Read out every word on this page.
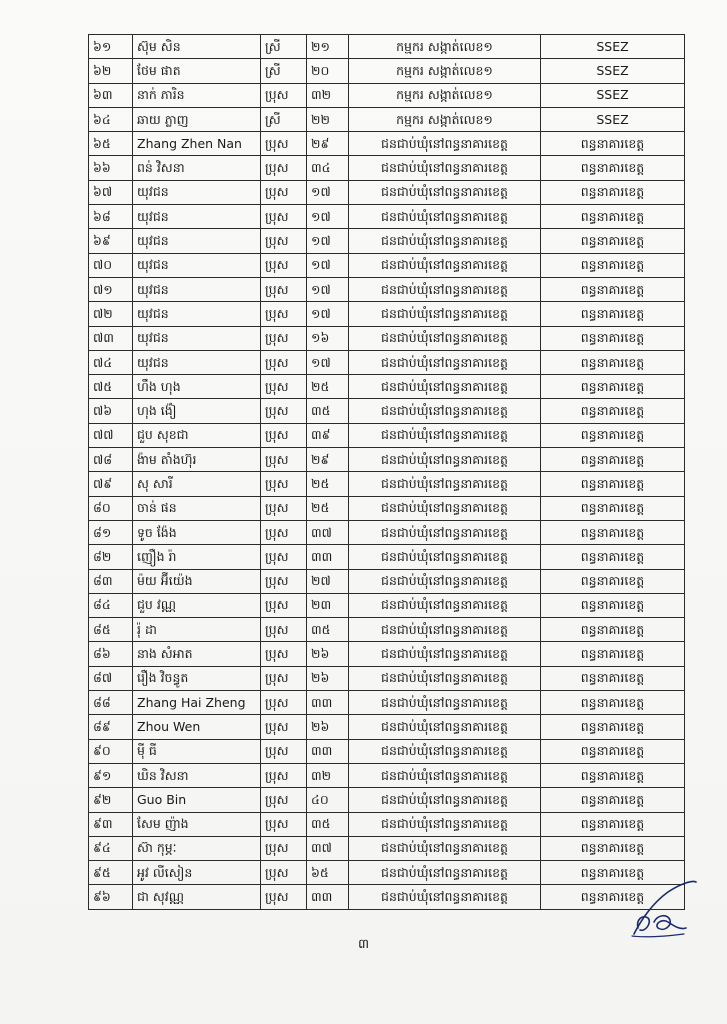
៦១	ស៊ុម សិន	ស្រី	២១	កម្មករ សង្កាត់លេខ១	SSEZ
៦២	ថែម ផាត	ស្រី	២០	កម្មករ សង្កាត់លេខ១	SSEZ
៦៣	នាក់ ភារិន	ប្រុស	៣២	កម្មករ សង្កាត់លេខ១	SSEZ
៦៤	ឆាយ ភ្លាញ	ស្រី	២២	កម្មករ សង្កាត់លេខ១	SSEZ
៦៥	Zhang Zhen Nan	ប្រុស	២៩	ជនជាប់ឃុំនៅពន្ធនាគារខេត្ត	ពន្ធនាគារខេត្ត
៦៦	ពន់ វិសនា	ប្រុស	៣៤	ជនជាប់ឃុំនៅពន្ធនាគារខេត្ត	ពន្ធនាគារខេត្ត
៦៧	យុវជន	ប្រុស	១៧	ជនជាប់ឃុំនៅពន្ធនាគារខេត្ត	ពន្ធនាគារខេត្ត
៦៨	យុវជន	ប្រុស	១៧	ជនជាប់ឃុំនៅពន្ធនាគារខេត្ត	ពន្ធនាគារខេត្ត
៦៩	យុវជន	ប្រុស	១៧	ជនជាប់ឃុំនៅពន្ធនាគារខេត្ត	ពន្ធនាគារខេត្ត
៧០	យុវជន	ប្រុស	១៧	ជនជាប់ឃុំនៅពន្ធនាគារខេត្ត	ពន្ធនាគារខេត្ត
៧១	យុវជន	ប្រុស	១៧	ជនជាប់ឃុំនៅពន្ធនាគារខេត្ត	ពន្ធនាគារខេត្ត
៧២	យុវជន	ប្រុស	១៧	ជនជាប់ឃុំនៅពន្ធនាគារខេត្ត	ពន្ធនាគារខេត្ត
៧៣	យុវជន	ប្រុស	១៦	ជនជាប់ឃុំនៅពន្ធនាគារខេត្ត	ពន្ធនាគារខេត្ត
៧៤	យុវជន	ប្រុស	១៧	ជនជាប់ឃុំនៅពន្ធនាគារខេត្ត	ពន្ធនាគារខេត្ត
៧៥	ហឹង ហុង	ប្រុស	២៥	ជនជាប់ឃុំនៅពន្ធនាគារខេត្ត	ពន្ធនាគារខេត្ត
៧៦	ហុង ង៉ៀ	ប្រុស	៣៥	ជនជាប់ឃុំនៅពន្ធនាគារខេត្ត	ពន្ធនាគារខេត្ត
៧៧	ជួប សុខជា	ប្រុស	៣៩	ជនជាប់ឃុំនៅពន្ធនាគារខេត្ត	ពន្ធនាគារខេត្ត
៧៨	ង៉ាម តាំងហ៊ុរ	ប្រុស	២៩	ជនជាប់ឃុំនៅពន្ធនាគារខេត្ត	ពន្ធនាគារខេត្ត
៧៩	សុ សារី	ប្រុស	២៥	ជនជាប់ឃុំនៅពន្ធនាគារខេត្ត	ពន្ធនាគារខេត្ត
៨០	ចាន់ ផន	ប្រុស	២៥	ជនជាប់ឃុំនៅពន្ធនាគារខេត្ត	ពន្ធនាគារខេត្ត
៨១	ទូច ង៉ែង	ប្រុស	៣៧	ជនជាប់ឃុំនៅពន្ធនាគារខេត្ត	ពន្ធនាគារខេត្ត
៨២	ញឿង រ៉ា	ប្រុស	៣៣	ជនជាប់ឃុំនៅពន្ធនាគារខេត្ត	ពន្ធនាគារខេត្ត
៨៣	ម៉យ អ៊ីយ៉េង	ប្រុស	២៧	ជនជាប់ឃុំនៅពន្ធនាគារខេត្ត	ពន្ធនាគារខេត្ត
៨៤	ជួប វណ្ណ	ប្រុស	២៣	ជនជាប់ឃុំនៅពន្ធនាគារខេត្ត	ពន្ធនាគារខេត្ត
៨៥	រ៉ុ ដា	ប្រុស	៣៥	ជនជាប់ឃុំនៅពន្ធនាគារខេត្ត	ពន្ធនាគារខេត្ត
៨៦	នាង សំអាត	ប្រុស	២៦	ជនជាប់ឃុំនៅពន្ធនាគារខេត្ត	ពន្ធនាគារខេត្ត
៨៧	រឿង វិចន្ធូត	ប្រុស	២៦	ជនជាប់ឃុំនៅពន្ធនាគារខេត្ត	ពន្ធនាគារខេត្ត
៨៨	Zhang Hai Zheng	ប្រុស	៣៣	ជនជាប់ឃុំនៅពន្ធនាគារខេត្ត	ពន្ធនាគារខេត្ត
៨៩	Zhou Wen	ប្រុស	២៦	ជនជាប់ឃុំនៅពន្ធនាគារខេត្ត	ពន្ធនាគារខេត្ត
៩០	ម៉ី ធី	ប្រុស	៣៣	ជនជាប់ឃុំនៅពន្ធនាគារខេត្ត	ពន្ធនាគារខេត្ត
៩១	ឃិន វិសនា	ប្រុស	៣២	ជនជាប់ឃុំនៅពន្ធនាគារខេត្ត	ពន្ធនាគារខេត្ត
៩២	Guo Bin	ប្រុស	៤០	ជនជាប់ឃុំនៅពន្ធនាគារខេត្ត	ពន្ធនាគារខេត្ត
៩៣	សែម ញ៉ាង	ប្រុស	៣៥	ជនជាប់ឃុំនៅពន្ធនាគារខេត្ត	ពន្ធនាគារខេត្ត
៩៤	ស៊ា កុម្ភៈ	ប្រុស	៣៧	ជនជាប់ឃុំនៅពន្ធនាគារខេត្ត	ពន្ធនាគារខេត្ត
៩៥	អូវ លីសៀន	ប្រុស	៦៥	ជនជាប់ឃុំនៅពន្ធនាគារខេត្ត	ពន្ធនាគារខេត្ត
៩៦	ជា សុវណ្ណ	ប្រុស	៣៣	ជនជាប់ឃុំនៅពន្ធនាគារខេត្ត	ពន្ធនាគារខេត្ត
៣
